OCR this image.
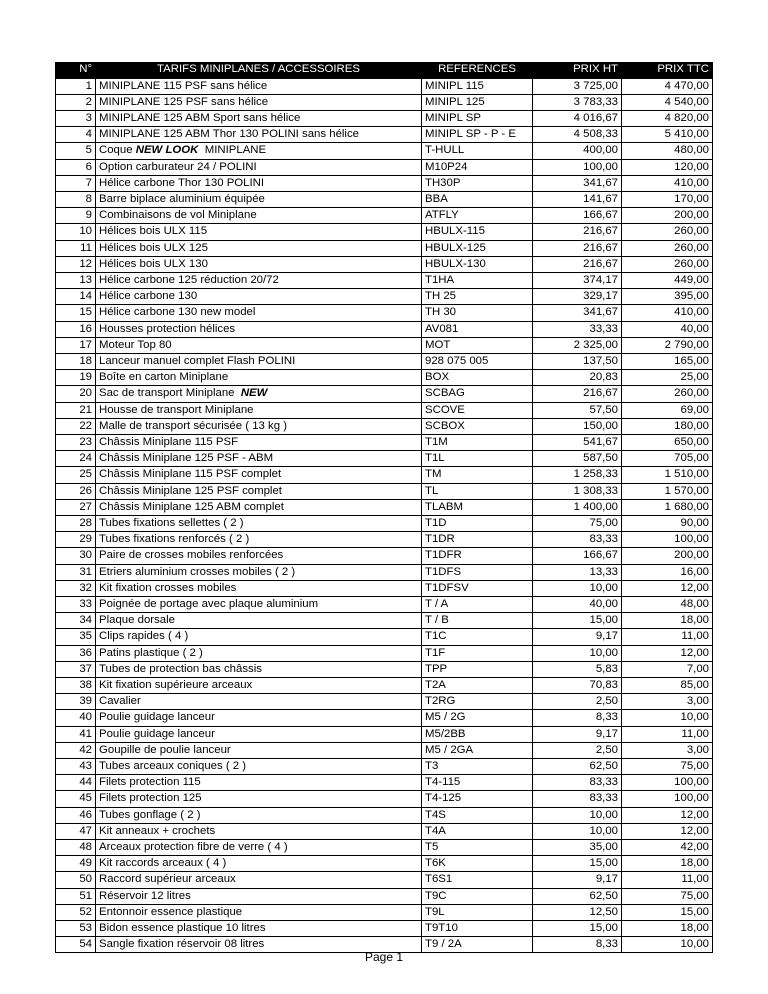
N°	TARIFS MINIPLANES / ACCESSOIRES	REFERENCES	PRIX HT	PRIX TTC
1	MINIPLANE 115 PSF sans hélice	MINIPL 115	3 725,00	4 470,00
2	MINIPLANE 125 PSF sans hélice	MINIPL 125	3 783,33	4 540,00
3	MINIPLANE 125 ABM Sport sans hélice	MINIPL SP	4 016,67	4 820,00
4	MINIPLANE 125 ABM Thor 130 POLINI sans hélice	MINIPL SP - P - E	4 508,33	5 410,00
5	Coque NEW LOOK  MINIPLANE	T-HULL	400,00	480,00
6	Option carburateur 24 / POLINI	M10P24	100,00	120,00
7	Hélice carbone Thor 130 POLINI	TH30P	341,67	410,00
8	Barre biplace aluminium équipée	BBA	141,67	170,00
9	Combinaisons de vol Miniplane	ATFLY	166,67	200,00
10	Hélices bois ULX 115	HBULX-115	216,67	260,00
11	Hélices bois ULX 125	HBULX-125	216,67	260,00
12	Hélices bois ULX 130	HBULX-130	216,67	260,00
13	Hélice carbone 125 réduction 20/72	T1HA	374,17	449,00
14	Hélice carbone 130	TH 25	329,17	395,00
15	Hélice carbone 130 new model	TH 30	341,67	410,00
16	Housses protection hélices	AV081	33,33	40,00
17	Moteur Top 80	MOT	2 325,00	2 790,00
18	Lanceur manuel complet Flash POLINI	928 075 005	137,50	165,00
19	Boîte en carton Miniplane	BOX	20,83	25,00
20	Sac de transport Miniplane  NEW	SCBAG	216,67	260,00
21	Housse de transport Miniplane	SCOVE	57,50	69,00
22	Malle de transport sécurisée ( 13 kg )	SCBOX	150,00	180,00
23	Châssis Miniplane 115 PSF	T1M	541,67	650,00
24	Châssis Miniplane 125 PSF - ABM	T1L	587,50	705,00
25	Châssis Miniplane 115 PSF complet	TM	1 258,33	1 510,00
26	Châssis Miniplane 125 PSF complet	TL	1 308,33	1 570,00
27	Châssis Miniplane 125 ABM complet	TLABM	1 400,00	1 680,00
28	Tubes fixations sellettes ( 2 )	T1D	75,00	90,00
29	Tubes fixations renforcés ( 2 )	T1DR	83,33	100,00
30	Paire de crosses mobiles renforcées	T1DFR	166,67	200,00
31	Etriers aluminium crosses mobiles ( 2 )	T1DFS	13,33	16,00
32	Kit fixation crosses mobiles	T1DFSV	10,00	12,00
33	Poignée de portage avec plaque aluminium	T / A	40,00	48,00
34	Plaque dorsale	T / B	15,00	18,00
35	Clips rapides ( 4 )	T1C	9,17	11,00
36	Patins plastique ( 2 )	T1F	10,00	12,00
37	Tubes de protection bas châssis	TPP	5,83	7,00
38	Kit fixation supérieure arceaux	T2A	70,83	85,00
39	Cavalier	T2RG	2,50	3,00
40	Poulie guidage lanceur	M5 / 2G	8,33	10,00
41	Poulie guidage lanceur	M5/2BB	9,17	11,00
42	Goupille de poulie lanceur	M5 / 2GA	2,50	3,00
43	Tubes arceaux coniques ( 2 )	T3	62,50	75,00
44	Filets protection 115	T4-115	83,33	100,00
45	Filets protection 125	T4-125	83,33	100,00
46	Tubes gonflage ( 2 )	T4S	10,00	12,00
47	Kit anneaux + crochets	T4A	10,00	12,00
48	Arceaux protection fibre de verre ( 4 )	T5	35,00	42,00
49	Kit raccords arceaux ( 4 )	T6K	15,00	18,00
50	Raccord supérieur arceaux	T6S1	9,17	11,00
51	Réservoir 12 litres	T9C	62,50	75,00
52	Entonnoir essence plastique	T9L	12,50	15,00
53	Bidon essence plastique 10 litres	T9T10	15,00	18,00
54	Sangle fixation réservoir 08 litres	T9 / 2A	8,33	10,00
Page 1
